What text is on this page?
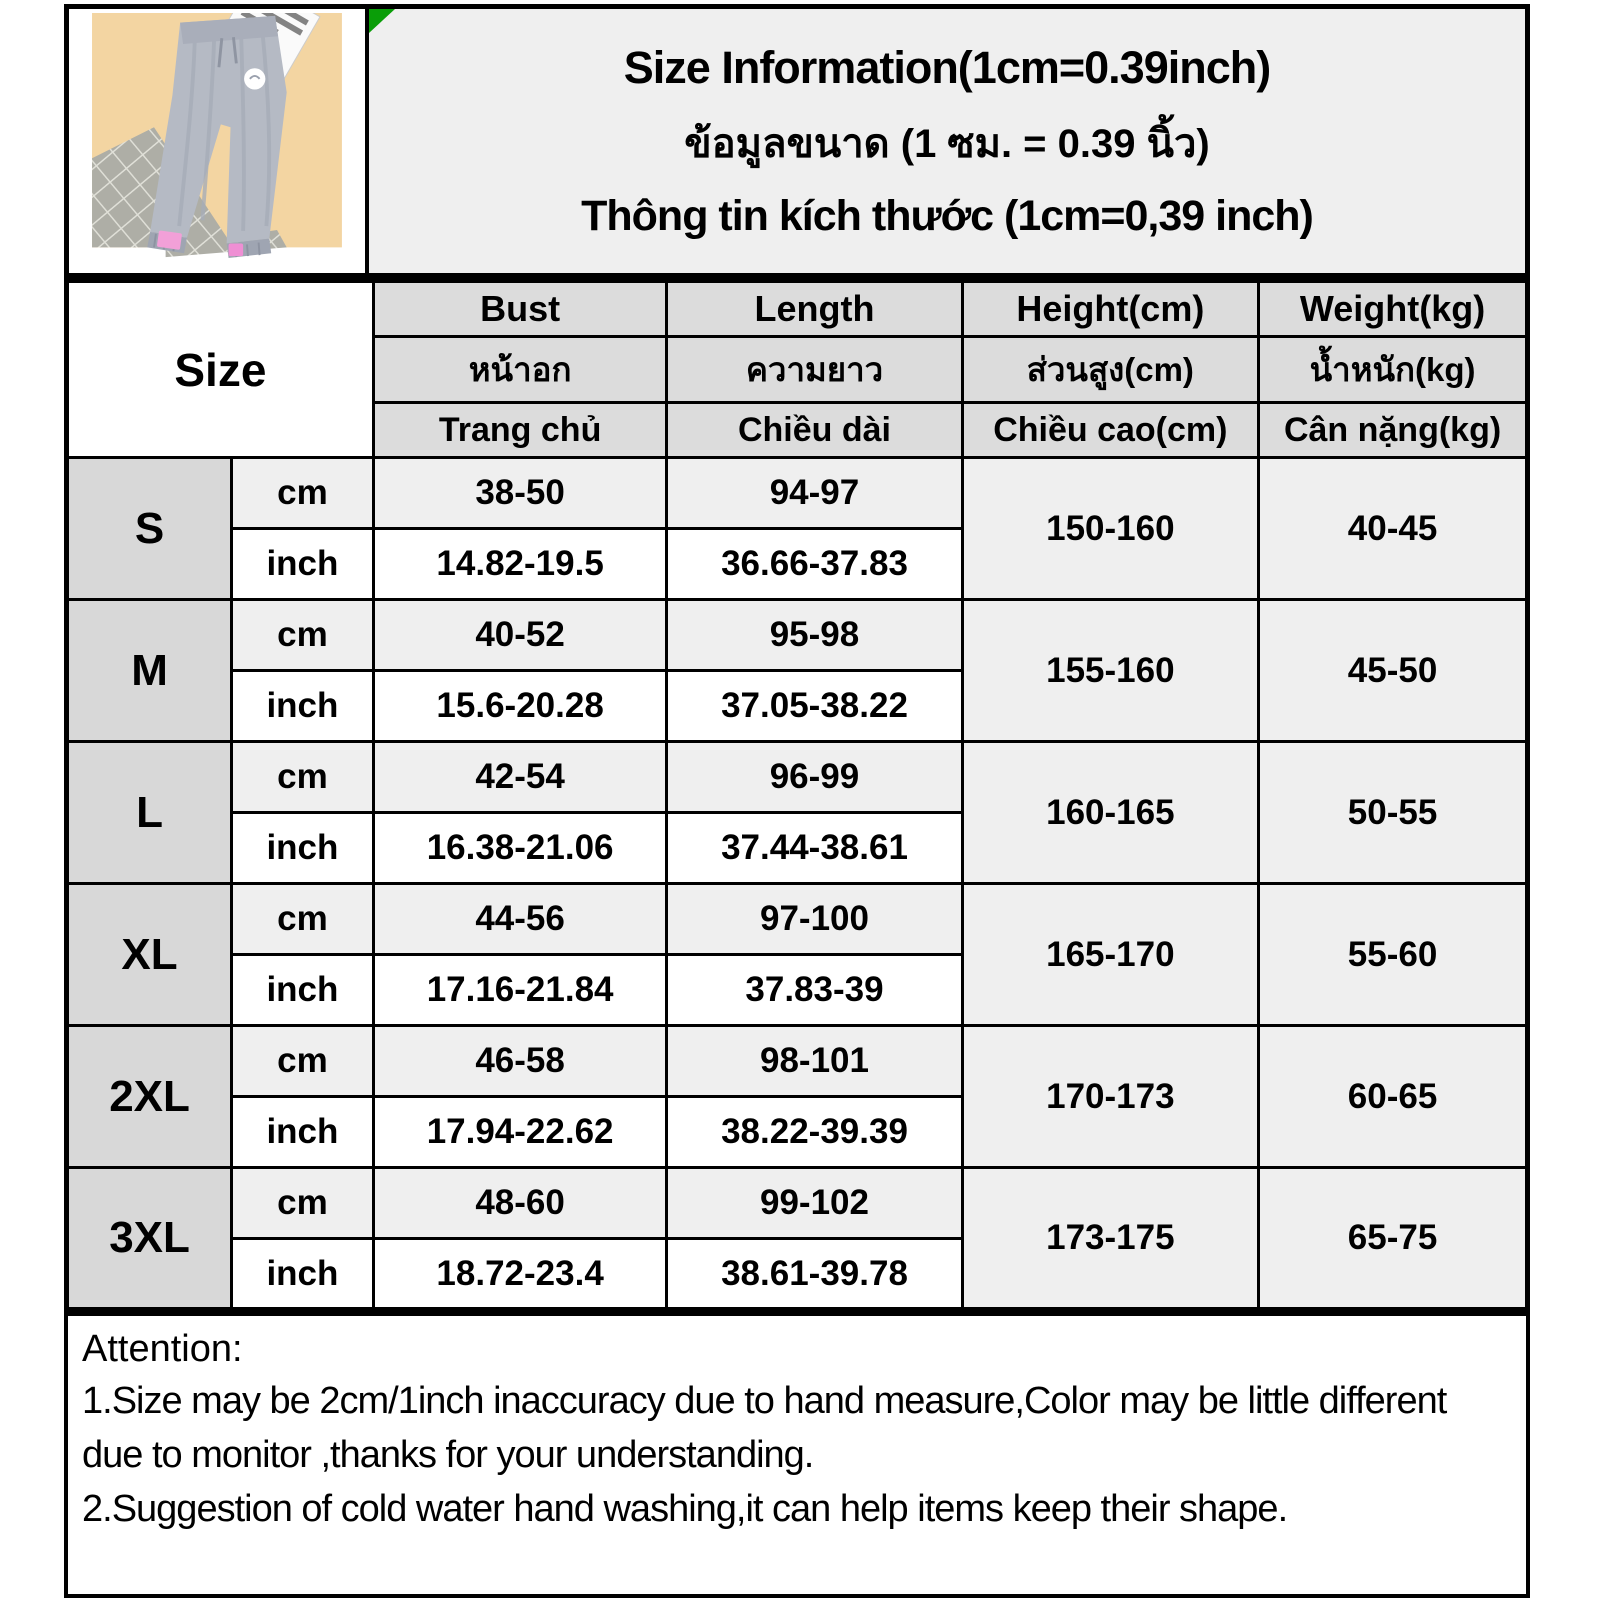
Size Information(1cm=0.39inch)
ข้อมูลขนาด (1 ซม. = 0.39 นิ้ว)
Thông tin kích thước (1cm=0,39 inch)
Size		Bust	Length	Height(cm)	Weight(kg)
		หน้าอก	ความยาว	ส่วนสูง(cm)	น้ำหนัก(kg)
		Trang chủ	Chiều dài	Chiều cao(cm)	Cân nặng(kg)
S	cm	38-50	94-97	150-160	40-45
	inch	14.82-19.5	36.66-37.83		
M	cm	40-52	95-98	155-160	45-50
	inch	15.6-20.28	37.05-38.22		
L	cm	42-54	96-99	160-165	50-55
	inch	16.38-21.06	37.44-38.61		
XL	cm	44-56	97-100	165-170	55-60
	inch	17.16-21.84	37.83-39		
2XL	cm	46-58	98-101	170-173	60-65
	inch	17.94-22.62	38.22-39.39		
3XL	cm	48-60	99-102	173-175	65-75
	inch	18.72-23.4	38.61-39.78		
Attention:
1.Size may be 2cm/1inch inaccuracy due to hand measure,Color may be little different due to monitor ,thanks for your understanding.
2.Suggestion of cold water hand washing,it can help items keep their shape.
